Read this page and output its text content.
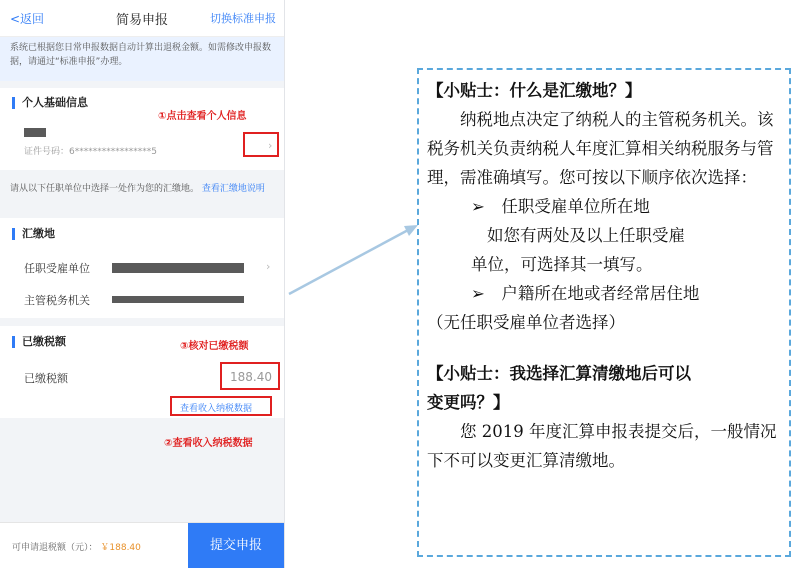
<返回	简易申报	切换标准申报
系统已根据您日常申报数据自动计算出退税金额。如需修改申报数据，请通过“标准申报”办理。
个人基础信息
①点击查看个人信息
证件号码：6*****************5	›
请从以下任职单位中选择一处作为您的汇缴地。 查看汇缴地说明
汇缴地
任职受雇单位	›
主管税务机关
已缴税额	③核对已缴税额
已缴税额	188.40
查看收入纳税数据
②查看收入纳税数据
可申请退税额（元）： ￥188.40	提交申报

【小贴士：什么是汇缴地？】

纳税地点决定了纳税人的主管税务机关。该税务机关负责纳税人年度汇算相关纳税服务与管理，需准确填写。您可按以下顺序依次选择：

➢　任职受雇单位所在地

如您有两处及以上任职受雇

单位，可选择其一填写。

➢　户籍所在地或者经常居住地

（无任职受雇单位者选择）

【小贴士：我选择汇算清缴地后可以

变更吗？】

您 2019 年度汇算申报表提交后，一般情况下不可以变更汇算清缴地。
